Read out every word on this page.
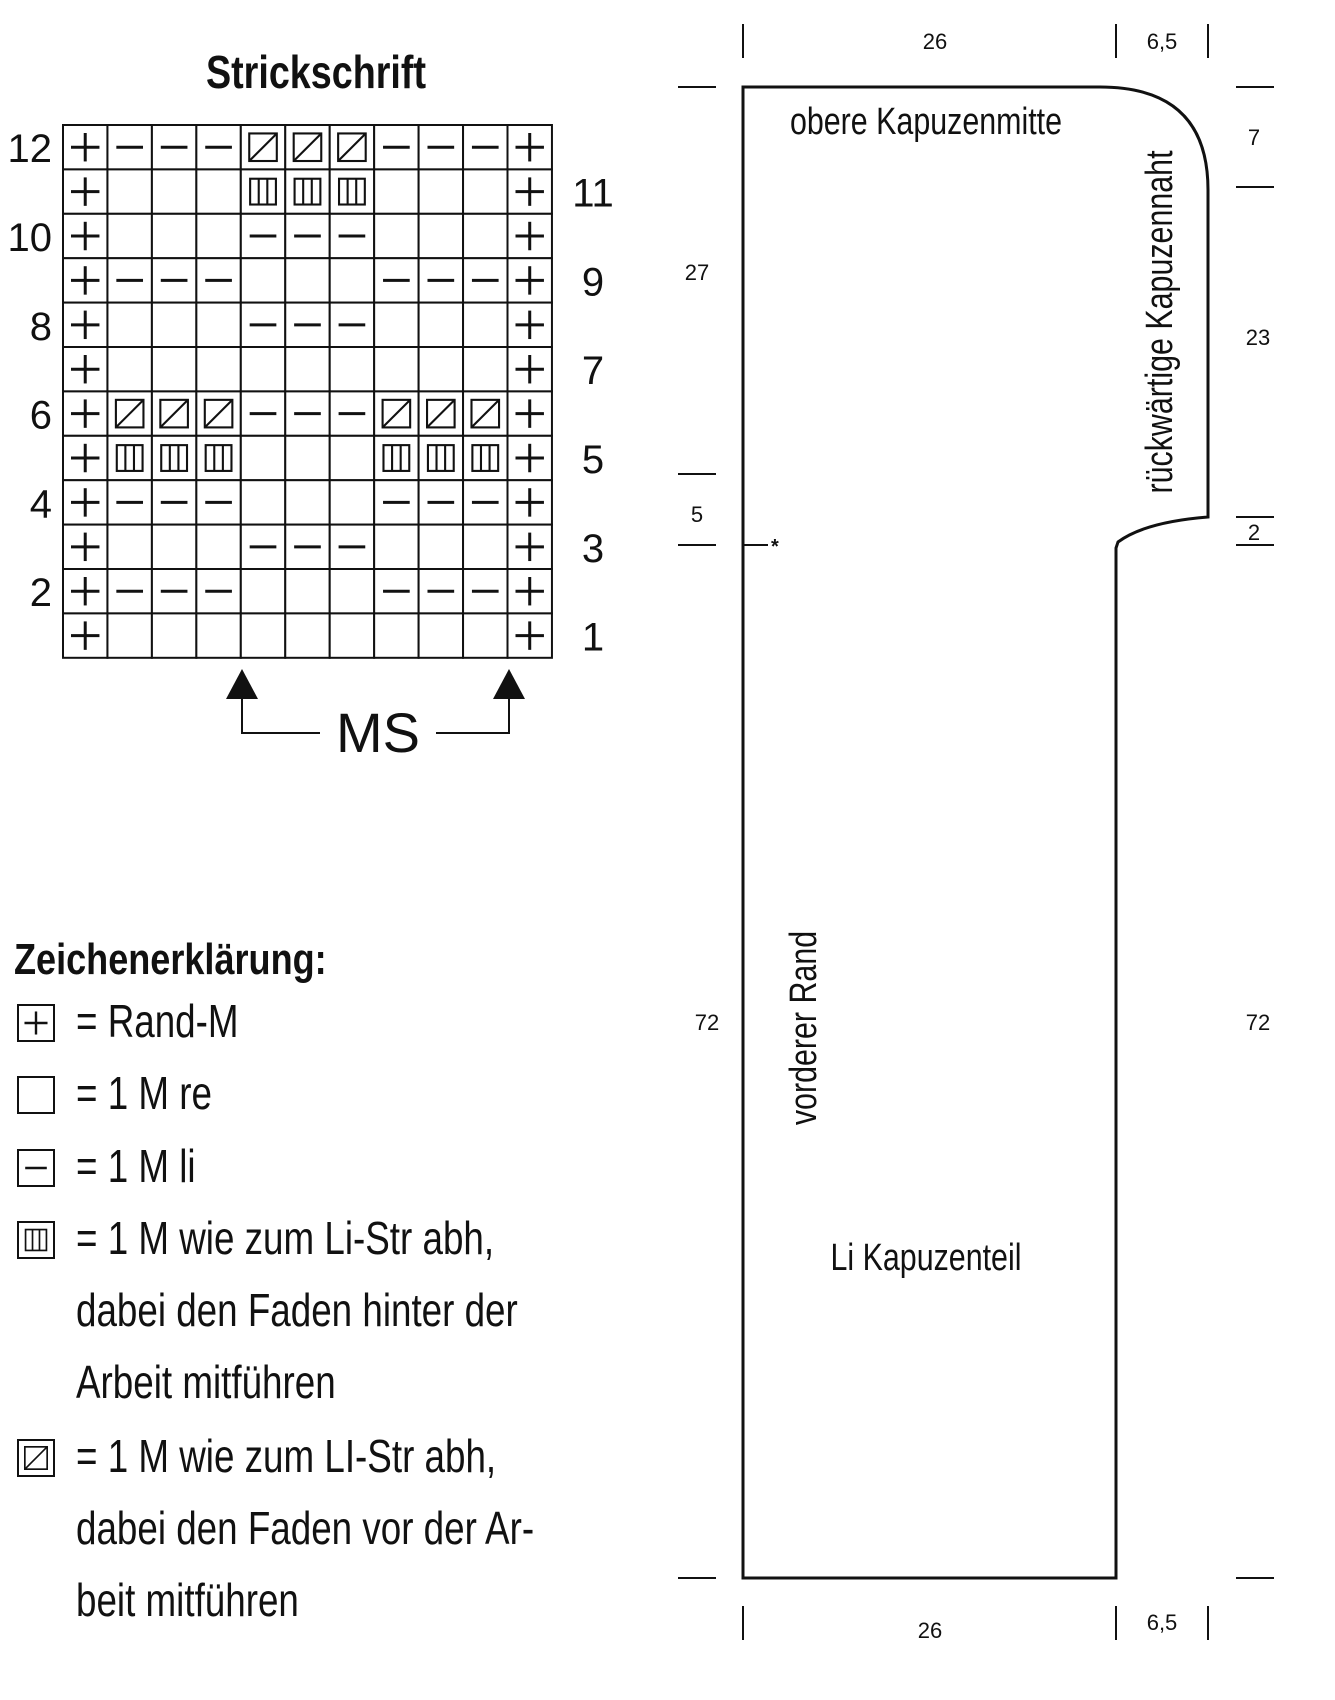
Strickschrift
12
10
8
6
4
2
11
9
7
5
3
1
MS
Zeichenerklärung:
= Rand-M
= 1 M re
= 1 M li
= 1 M wie zum Li-Str abh,
dabei den Faden hinter der
Arbeit mitführen
= 1 M wie zum LI-Str abh,
dabei den Faden vor der Ar-
beit mitführen
*
26	6,5
26	6,5
27
5
72
7
23
2
72
obere Kapuzenmitte
rückwärtige Kapuzennaht
vorderer Rand
Li Kapuzenteil
